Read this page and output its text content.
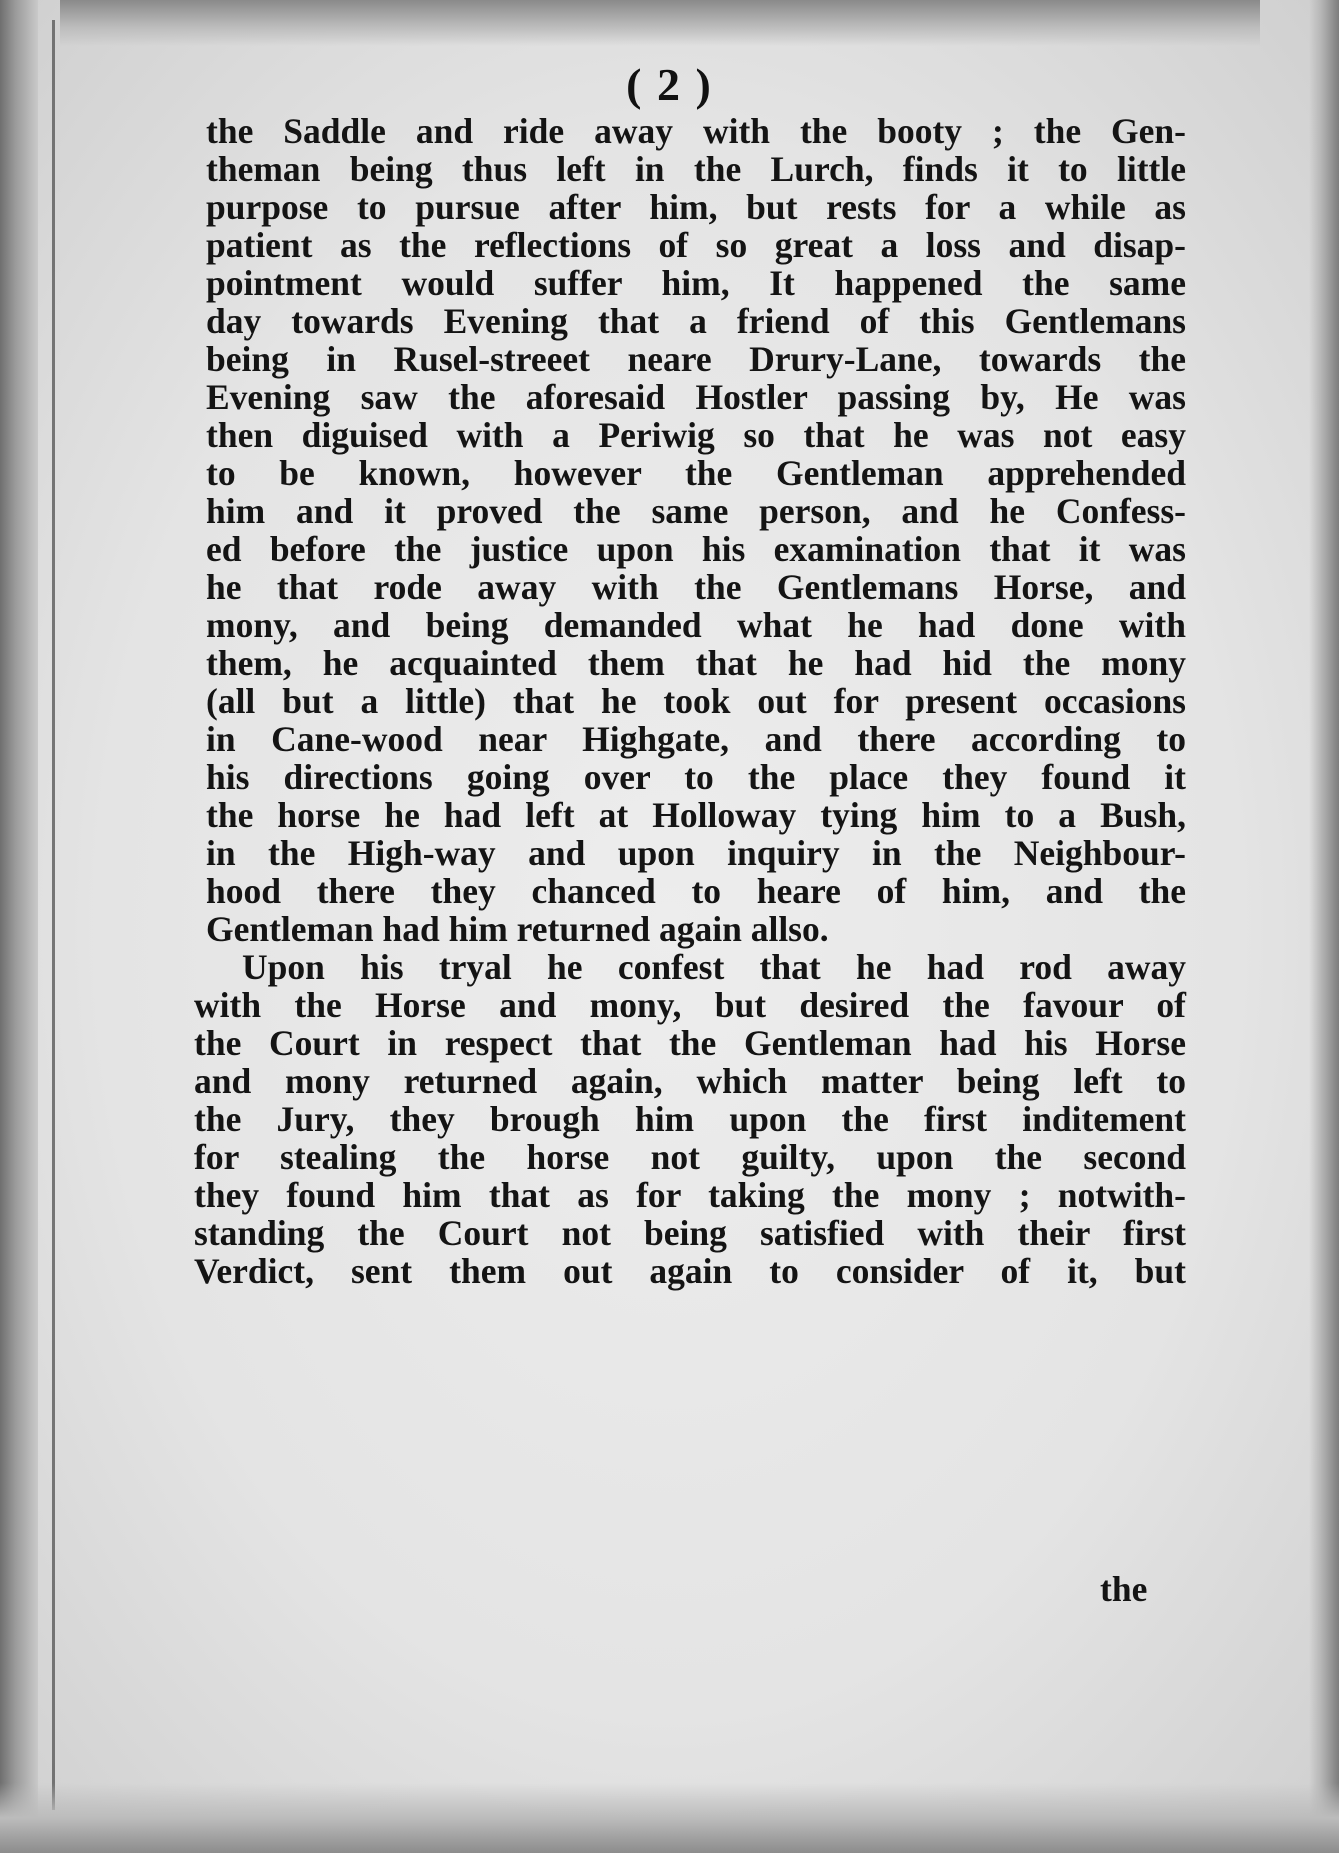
( 2 )
the Saddle and ride away with the booty ; the Gen-
theman being thus left in the Lurch, finds it to little
purpose to pursue after him, but rests for a while as
patient as the reflections of so great a loss and disap-
pointment would suffer him, It happened the same
day towards Evening that a friend of this Gentlemans
being in Rusel-streeet neare Drury-Lane, towards the
Evening saw the aforesaid Hostler passing by, He was
then diguised with a Periwig so that he was not easy
to be known, however the Gentleman apprehended
him and it proved the same person, and he Confess-
ed before the justice upon his examination that it was
he that rode away with the Gentlemans Horse, and
mony, and being demanded what he had done with
them, he acquainted them that he had hid the mony
(all but a little) that he took out for present occasions
in Cane-wood near Highgate, and there according to
his directions going over to the place they found it
the horse he had left at Holloway tying him to a Bush,
in the High-way and upon inquiry in the Neighbour-
hood there they chanced to heare of him, and the
Gentleman had him returned again allso.
Upon his tryal he confest that he had rod away
with the Horse and mony, but desired the favour of
the Court in respect that the Gentleman had his Horse
and mony returned again, which matter being left to
the Jury, they brough him upon the first inditement
for stealing the horse not guilty, upon the second
they found him that as for taking the mony ; notwith-
standing the Court not being satisfied with their first
Verdict, sent them out again to consider of it, but
the
